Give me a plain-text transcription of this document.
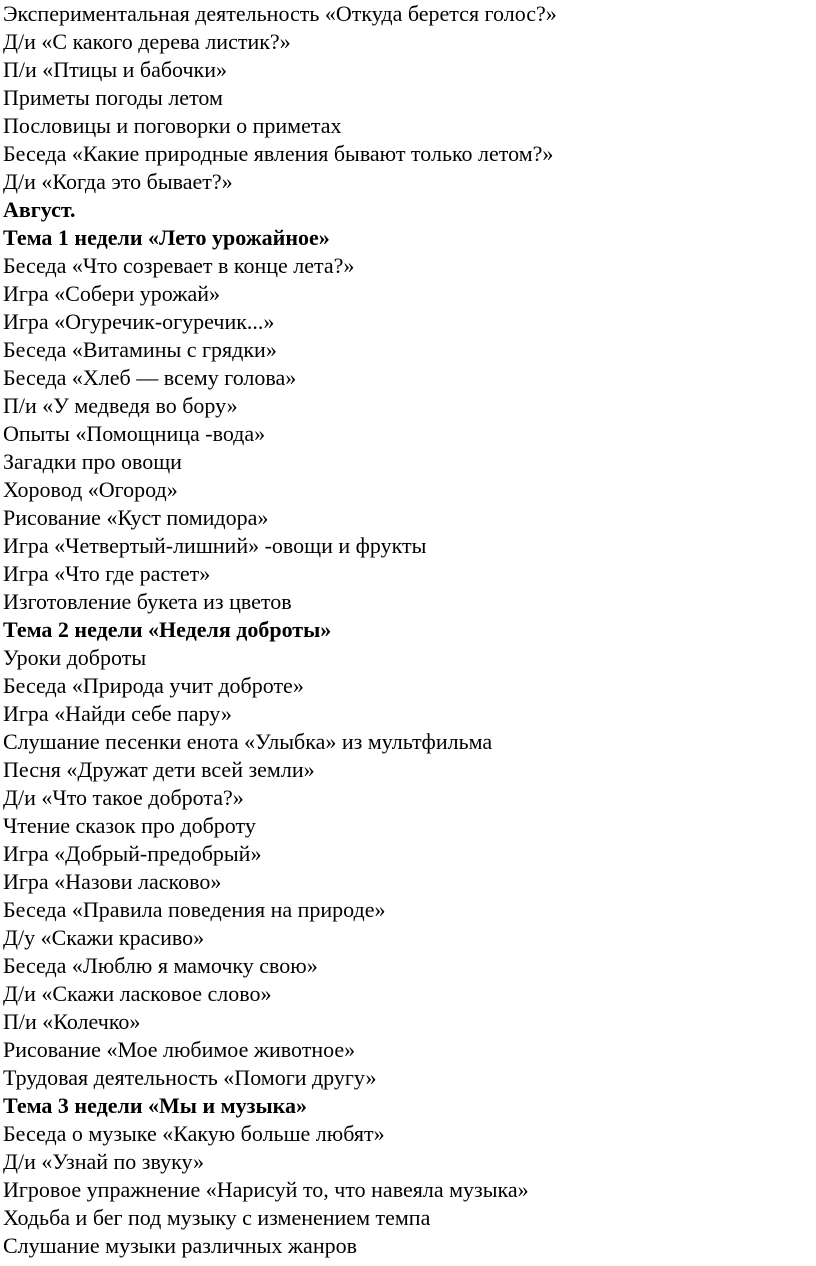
Экспериментальная деятельность «Откуда берется голос?»
Д/и «С какого дерева листик?»
П/и «Птицы и бабочки»
Приметы погоды летом
Пословицы и поговорки о приметах
Беседа «Какие природные явления бывают только летом?»
Д/и «Когда это бывает?»
Август.
Тема 1 недели «Лето урожайное»
Беседа «Что созревает в конце лета?»
Игра «Собери урожай»
Игра «Огуречик-огуречик...»
Беседа «Витамины с грядки»
Беседа «Хлеб — всему голова»
П/и «У медведя во бору»
Опыты «Помощница -вода»
Загадки про овощи
Хоровод «Огород»
Рисование «Куст помидора»
Игра «Четвертый-лишний» -овощи и фрукты
Игра «Что где растет»
Изготовление букета из цветов
Тема 2 недели «Неделя доброты»
Уроки доброты
Беседа «Природа учит доброте»
Игра «Найди себе пару»
Слушание песенки енота «Улыбка» из мультфильма
Песня «Дружат дети всей земли»
Д/и «Что такое доброта?»
Чтение сказок про доброту
Игра «Добрый-предобрый»
Игра «Назови ласково»
Беседа «Правила поведения на природе»
Д/у «Скажи красиво»
Беседа «Люблю я мамочку свою»
Д/и «Скажи ласковое слово»
П/и «Колечко»
Рисование «Мое любимое животное»
Трудовая деятельность «Помоги другу»
Тема 3 недели «Мы и музыка»
Беседа о музыке «Какую больше любят»
Д/и «Узнай по звуку»
Игровое упражнение «Нарисуй то, что навеяла музыка»
Ходьба и бег под музыку с изменением темпа
Слушание музыки различных жанров
